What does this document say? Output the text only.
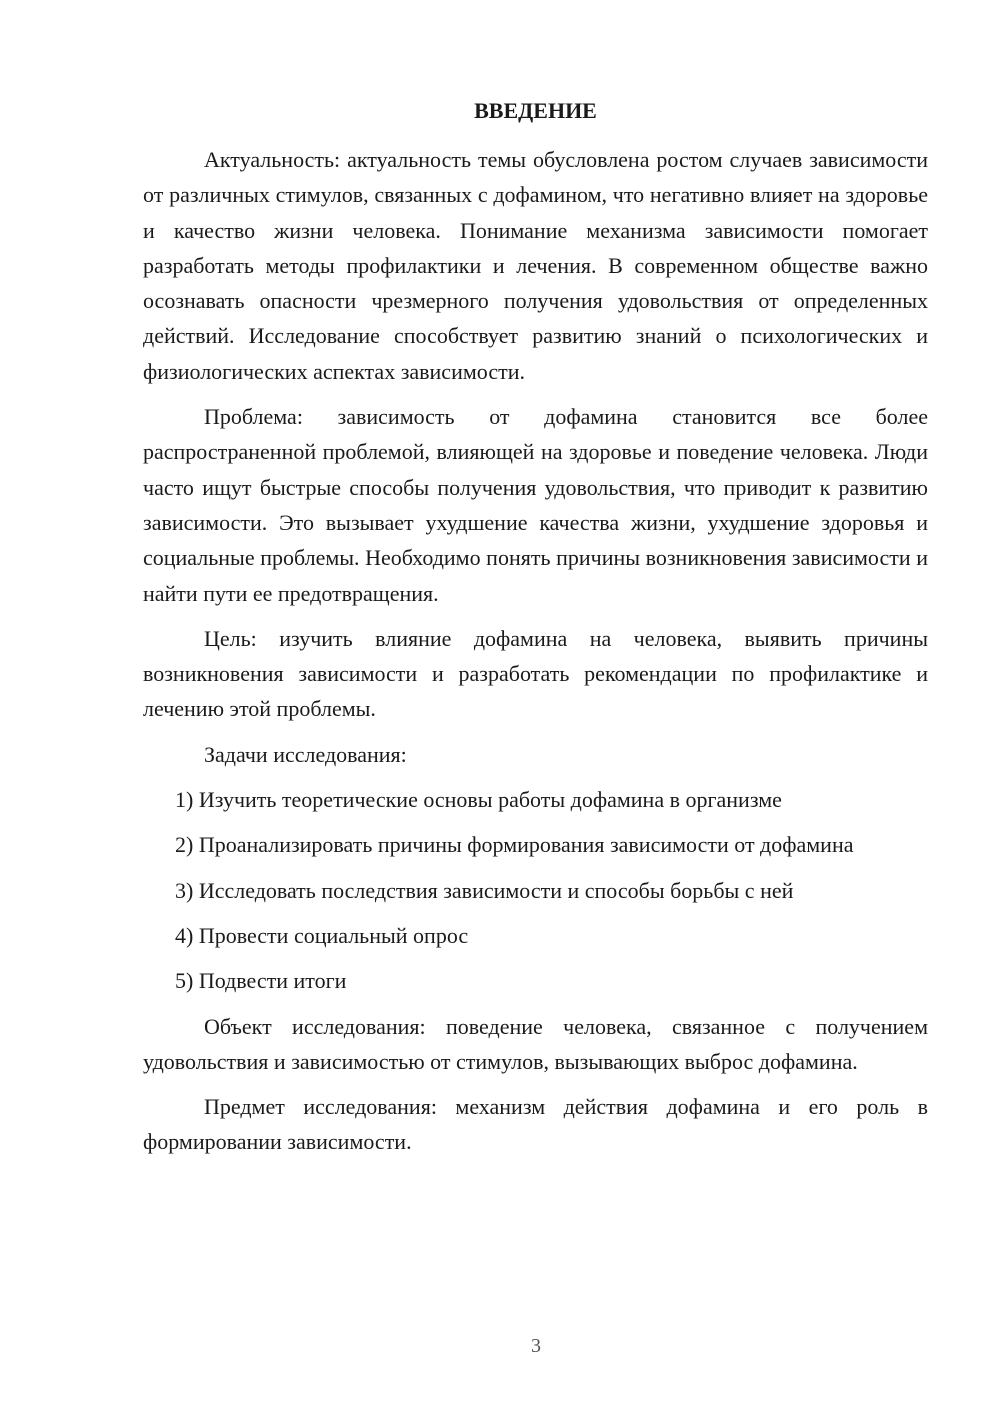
ВВЕДЕНИЕ

Актуальность: актуальность темы обусловлена ростом случаев зависимости от различных стимулов, связанных с дофамином, что негативно влияет на здоровье и качество жизни человека. Понимание механизма зависимости помогает разработать методы профилактики и лечения. В современном обществе важно осознавать опасности чрезмерного получения удовольствия от определенных действий. Исследование способствует развитию знаний о психологических и физиологических аспектах зависимости.

Проблема: зависимость от дофамина становится все более распространенной проблемой, влияющей на здоровье и поведение человека. Люди часто ищут быстрые способы получения удовольствия, что приводит к развитию зависимости. Это вызывает ухудшение качества жизни, ухудшение здоровья и социальные проблемы. Необходимо понять причины возникновения зависимости и найти пути ее предотвращения.

Цель: изучить влияние дофамина на человека, выявить причины возникновения зависимости и разработать рекомендации по профилактике и лечению этой проблемы.

Задачи исследования:

1) Изучить теоретические основы работы дофамина в организме

2) Проанализировать причины формирования зависимости от дофамина

3) Исследовать последствия зависимости и способы борьбы с ней

4) Провести социальный опрос

5) Подвести итоги

Объект исследования: поведение человека, связанное с получением удовольствия и зависимостью от стимулов, вызывающих выброс дофамина.

Предмет исследования: механизм действия дофамина и его роль в формировании зависимости.

3
